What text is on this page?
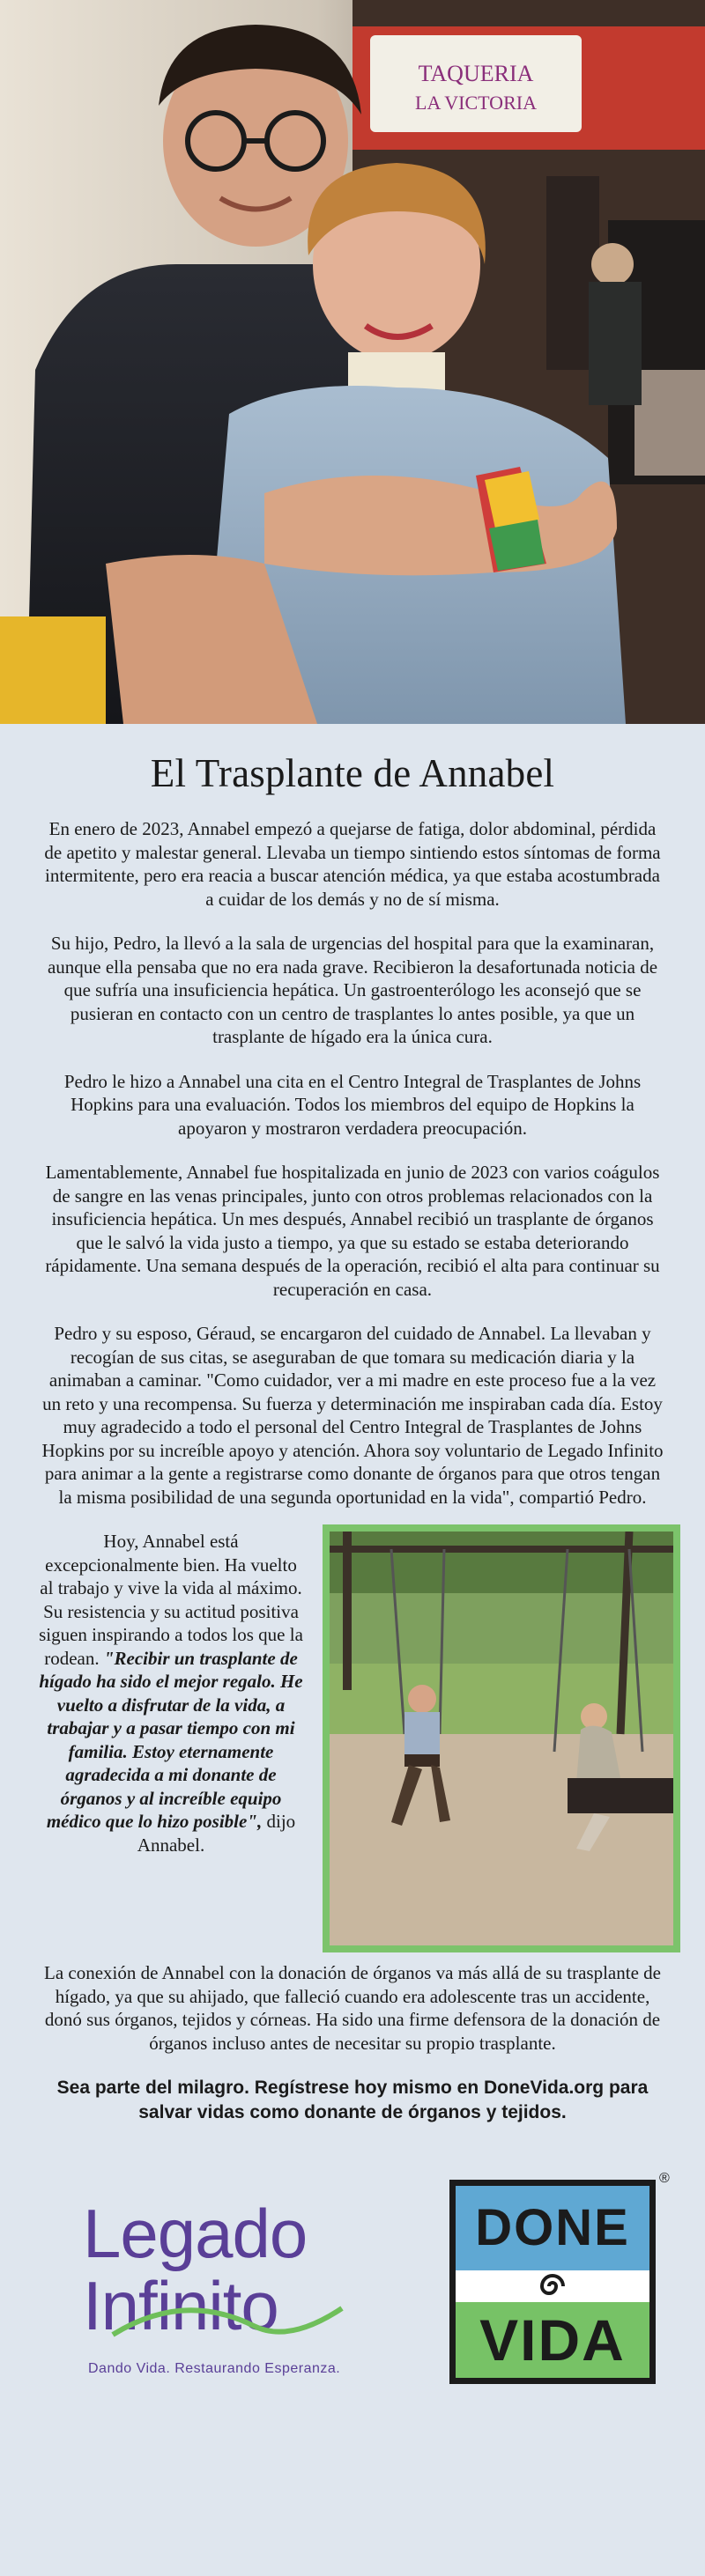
TAQUERIA
LA VICTORIA
El Trasplante de Annabel

En enero de 2023, Annabel empezó a quejarse de fatiga, dolor abdominal, pérdida de apetito y malestar general. Llevaba un tiempo sintiendo estos síntomas de forma intermitente, pero era reacia a buscar atención médica, ya que estaba acostumbrada a cuidar de los demás y no de sí misma.

Su hijo, Pedro, la llevó a la sala de urgencias del hospital para que la examinaran, aunque ella pensaba que no era nada grave. Recibieron la desafortunada noticia de que sufría una insuficiencia hepática. Un gastroenterólogo les aconsejó que se pusieran en contacto con un centro de trasplantes lo antes posible, ya que un trasplante de hígado era la única cura.

Pedro le hizo a Annabel una cita en el Centro Integral de Trasplantes de Johns Hopkins para una evaluación. Todos los miembros del equipo de Hopkins la apoyaron y mostraron verdadera preocupación.

Lamentablemente, Annabel fue hospitalizada en junio de 2023 con varios coágulos de sangre en las venas principales, junto con otros problemas relacionados con la insuficiencia hepática. Un mes después, Annabel recibió un trasplante de órganos que le salvó la vida justo a tiempo, ya que su estado se estaba deteriorando rápidamente. Una semana después de la operación, recibió el alta para continuar su recuperación en casa.

Pedro y su esposo, Géraud, se encargaron del cuidado de Annabel. La llevaban y recogían de sus citas, se aseguraban de que tomara su medicación diaria y la animaban a caminar. "Como cuidador, ver a mi madre en este proceso fue a la vez un reto y una recompensa. Su fuerza y determinación me inspiraban cada día. Estoy muy agradecido a todo el personal del Centro Integral de Trasplantes de Johns Hopkins por su increíble apoyo y atención. Ahora soy voluntario de Legado Infinito para animar a la gente a registrarse como donante de órganos para que otros tengan la misma posibilidad de una segunda oportunidad en la vida", compartió Pedro.

Hoy, Annabel está excepcionalmente bien. Ha vuelto al trabajo y vive la vida al máximo. Su resistencia y su actitud positiva siguen inspirando a todos los que la rodean. "Recibir un trasplante de hígado ha sido el mejor regalo. He vuelto a disfrutar de la vida, a trabajar y a pasar tiempo con mi familia. Estoy eternamente agradecida a mi donante de órganos y al increíble equipo médico que lo hizo posible", dijo Annabel.

La conexión de Annabel con la donación de órganos va más allá de su trasplante de hígado, ya que su ahijado, que falleció cuando era adolescente tras un accidente, donó sus órganos, tejidos y córneas. Ha sido una firme defensora de la donación de órganos incluso antes de necesitar su propio trasplante.

Sea parte del milagro. Regístrese hoy mismo en DoneVida.org para salvar vidas como donante de órganos y tejidos.

Legado
Infinito
Dando Vida. Restaurando Esperanza.
DONE
VIDA
®
